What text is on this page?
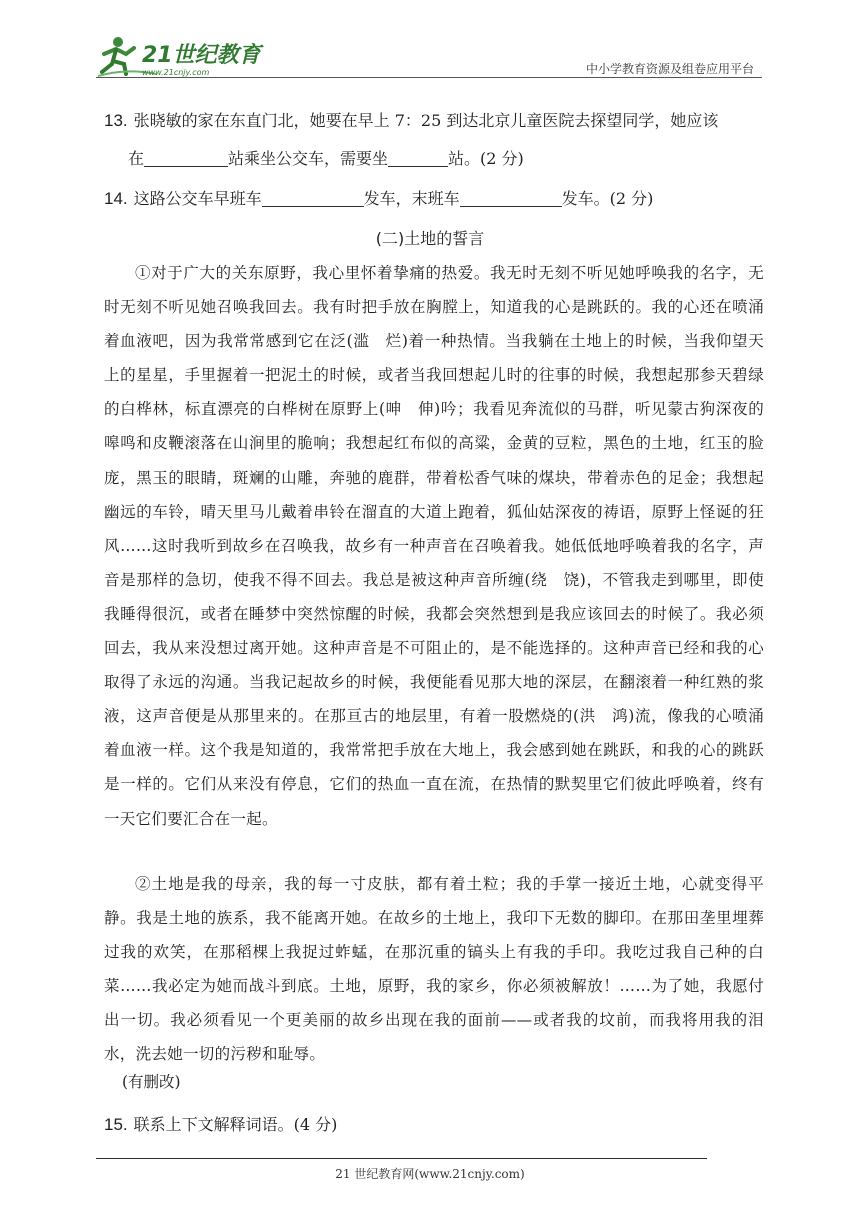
21世纪教育
www.21cnjy.com	中小学教育资源及组卷应用平台
13. 张晓敏的家在东直门北，她要在早上 7：25 到达北京儿童医院去探望同学，她应该
在	站乘坐公交车，需要坐	站。(2 分)
14. 这路公交车早班车	发车，末班车	发车。(2 分)
(二)土地的誓言
①对于广大的关东原野，我心里怀着挚痛的热爱。我无时无刻不听见她呼唤我的名字，无时无刻不听见她召唤我回去。我有时把手放在胸膛上，知道我的心是跳跃的。我的心还在喷涌着血液吧，因为我常常感到它在泛(滥　烂)着一种热情。当我躺在土地上的时候，当我仰望天上的星星，手里握着一把泥土的时候，或者当我回想起儿时的往事的时候，我想起那参天碧绿的白桦林，标直漂亮的白桦树在原野上(呻　伸)吟；我看见奔流似的马群，听见蒙古狗深夜的嗥鸣和皮鞭滚落在山涧里的脆响；我想起红布似的高粱，金黄的豆粒，黑色的土地，红玉的脸庞，黑玉的眼睛，斑斓的山雕，奔驰的鹿群，带着松香气味的煤块，带着赤色的足金；我想起幽远的车铃，晴天里马儿戴着串铃在溜直的大道上跑着，狐仙姑深夜的祷语，原野上怪诞的狂风……这时我听到故乡在召唤我，故乡有一种声音在召唤着我。她低低地呼唤着我的名字，声音是那样的急切，使我不得不回去。我总是被这种声音所缠(绕　饶)，不管我走到哪里，即使我睡得很沉，或者在睡梦中突然惊醒的时候，我都会突然想到是我应该回去的时候了。我必须回去，我从来没想过离开她。这种声音是不可阻止的，是不能选择的。这种声音已经和我的心取得了永远的沟通。当我记起故乡的时候，我便能看见那大地的深层，在翻滚着一种红熟的浆液，这声音便是从那里来的。在那亘古的地层里，有着一股燃烧的(洪　鸿)流，像我的心喷涌着血液一样。这个我是知道的，我常常把手放在大地上，我会感到她在跳跃，和我的心的跳跃是一样的。它们从来没有停息，它们的热血一直在流，在热情的默契里它们彼此呼唤着，终有一天它们要汇合在一起。
②土地是我的母亲，我的每一寸皮肤，都有着土粒；我的手掌一接近土地，心就变得平静。我是土地的族系，我不能离开她。在故乡的土地上，我印下无数的脚印。在那田垄里埋葬过我的欢笑，在那稻棵上我捉过蚱蜢，在那沉重的镐头上有我的手印。我吃过我自己种的白菜……我必定为她而战斗到底。土地，原野，我的家乡，你必须被解放！……为了她，我愿付出一切。我必须看见一个更美丽的故乡出现在我的面前——或者我的坟前，而我将用我的泪水，洗去她一切的污秽和耻辱。
(有删改)
15. 联系上下文解释词语。(4 分)
21 世纪教育网(www.21cnjy.com)
